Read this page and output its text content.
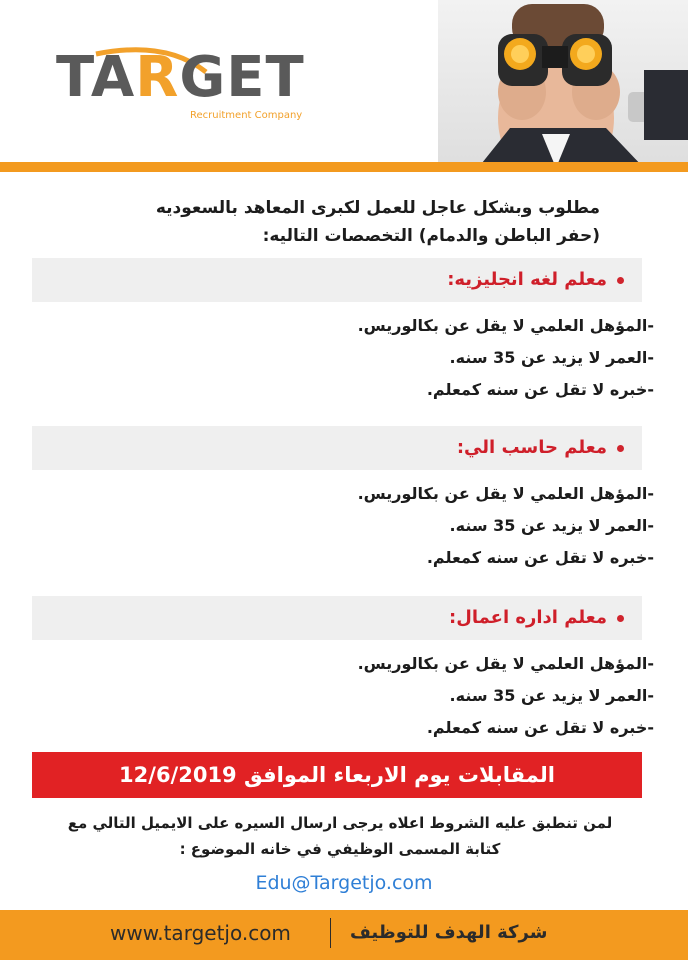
TARGET
Recruitment Company
مطلوب وبشكل عاجل للعمل لكبرى المعاهد بالسعوديه
(حفر الباطن والدمام) التخصصات التاليه:
معلم لغه انجليزيه:
-المؤهل العلمي لا يقل عن بكالوريس.
-العمر لا يزيد عن 35 سنه.
-خبره لا تقل عن سنه كمعلم.
معلم حاسب الي:
-المؤهل العلمي لا يقل عن بكالوريس.
-العمر لا يزيد عن 35 سنه.
-خبره لا تقل عن سنه كمعلم.
معلم اداره اعمال:
-المؤهل العلمي لا يقل عن بكالوريس.
-العمر لا يزيد عن 35 سنه.
-خبره لا تقل عن سنه كمعلم.
المقابلات يوم الاربعاء الموافق 12/6/2019
لمن تنطبق عليه الشروط اعلاه يرجى ارسال السيره على الايميل التالي مع
كتابة المسمى الوظيفي في خانه الموضوع :
Edu@Targetjo.com
www.targetjo.com	شركة الهدف للتوظيف
